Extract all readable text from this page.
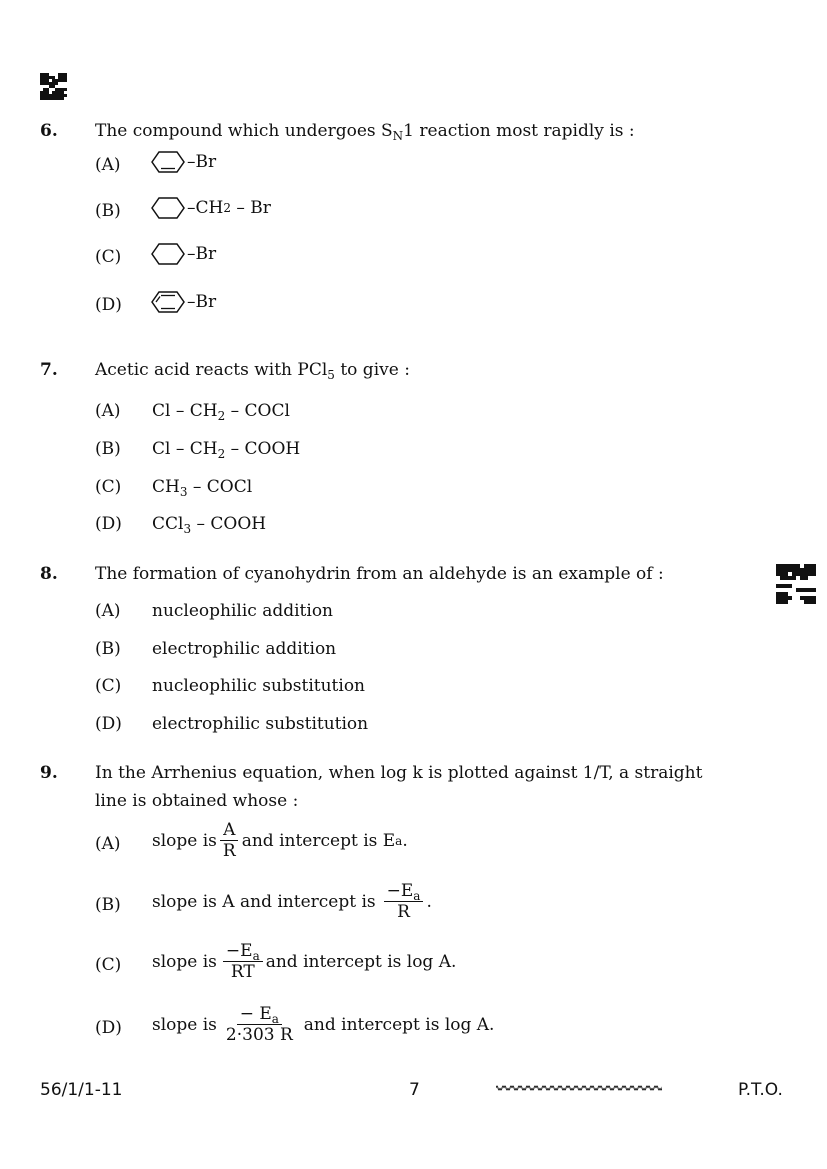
6. The compound which undergoes $S_N1$ reaction most rapidly is :
(A)	– Br
(B)	– CH 2 – Br
(C)	– Br
(D)	– Br
7. Acetic acid reacts with PCl$_5$ to give :
(A) Cl – $CH_2$ – COCl
(B) Cl – $CH_2$ – COOH
(C) $CH_3$ – COCl
(D) CCl$_3$ – COOH
8. The formation of cyanohydrin from an aldehyde is an example of :
(A) nucleophilic addition
(B) electrophilic addition
(C) nucleophilic substitution
(D) electrophilic substitution
9. In the Arrhenius equation, when log k is plotted against 1/T, a straight
line is obtained whose :
(A) slope is $\frac{A}{R}$ and intercept is E a .
(B) slope is A and intercept is $\frac{-E_a}{R}$ .
(C) slope is $\frac{-E_a}{RT}$ and intercept is log A.
(D) slope is $\frac{- E_a}{2\cdot 303 R}$ and intercept is log A.
56/1/1-11	7	P.T.O.
